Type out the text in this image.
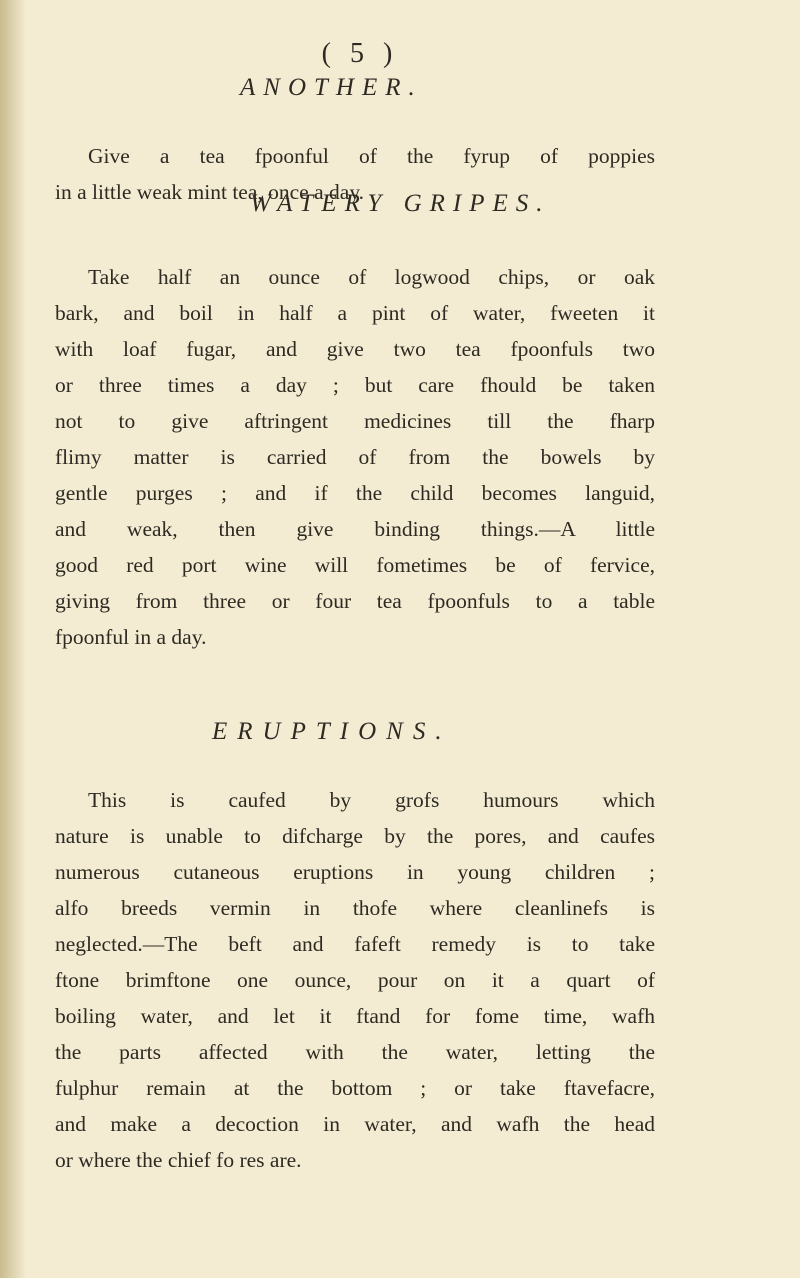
( 5 )
ANOTHER.
Give a tea fpoonful of the fyrup of poppies
in a little weak mint tea, once a day.
WATERY GRIPES.
Take half an ounce of logwood chips, or oak
bark, and boil in half a pint of water, fweeten it
with loaf fugar, and give two tea fpoonfuls two
or three times a day ; but care fhould be taken
not to give aftringent medicines till the fharp
flimy matter is carried of from the bowels by
gentle purges ; and if the child becomes languid,
and weak, then give binding things.—A little
good red port wine will fometimes be of fervice,
giving from three or four tea fpoonfuls to a table
fpoonful in a day.
ERUPTIONS.
This is caufed by grofs humours which
nature is unable to difcharge by the pores, and caufes
numerous cutaneous eruptions in young children ;
alfo breeds vermin in thofe where cleanlinefs is
neglected.—The beft and fafeft remedy is to take
ftone brimftone one ounce, pour on it a quart of
boiling water, and let it ftand for fome time, wafh
the parts affected with the water, letting the
fulphur remain at the bottom ; or take ftavefacre,
and make a decoction in water, and wafh the head
or where the chief fo res are.
